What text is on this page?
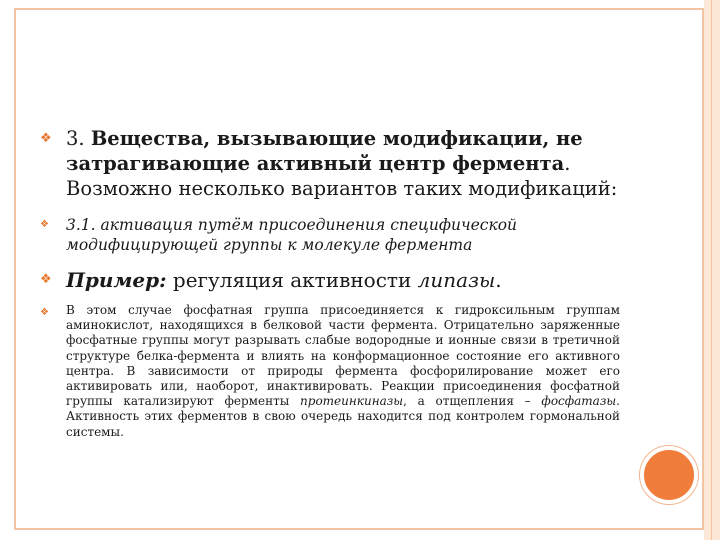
❖ 3. Вещества, вызывающие модификации, не затрагивающие активный центр фермента. Возможно несколько вариантов таких модификаций:
❖	3.1. активация путём присоединения специфической модифицирующей группы к молекуле фермента
❖ Пример: регуляция активности липазы.
❖	В этом случае фосфатная группа присоединяется к гидроксильным группам аминокислот, находящихся в белковой части фермента. Отрицательно заряженные фосфатные группы могут разрывать слабые водородные и ионные связи в третичной структуре белка-фермента и влиять на конформационное состояние его активного центра. В зависимости от природы фермента фосфорилирование может его активировать или, наоборот, инактивировать. Реакции присоединения фосфатной группы катализируют ферменты протеинкиназы, а отщепления – фосфатазы. Активность этих ферментов в свою очередь находится под контролем гормональной системы.
